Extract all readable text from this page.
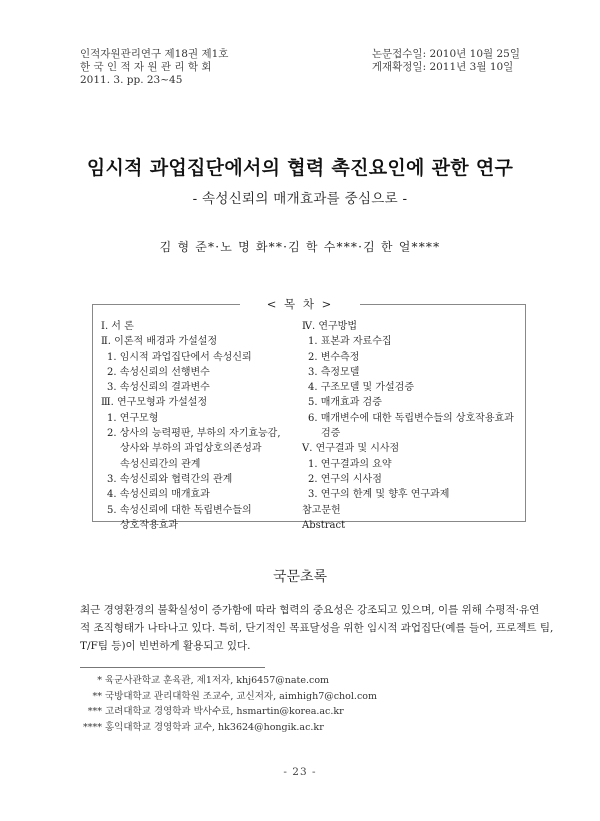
인적자원관리연구 제18권 제1호
한 국 인 적 자 원 관 리 학 회
2011. 3. pp. 23~45
논문접수일: 2010년 10월 25일
게재확정일: 2011년 3월 10일
임시적 과업집단에서의 협력 촉진요인에 관한 연구
- 속성신뢰의 매개효과를 중심으로 -
김 형 준*·노 명 화**·김 학 수***·김 한 얼****
< 목 차 >
Ⅰ. 서 론
Ⅱ. 이론적 배경과 가설설정
1. 임시적 과업집단에서 속성신뢰
2. 속성신뢰의 선행변수
3. 속성신뢰의 결과변수
Ⅲ. 연구모형과 가설설정
1. 연구모형
2. 상사의 능력평판, 부하의 자기효능감,
상사와 부하의 과업상호의존성과
속성신뢰간의 관계
3. 속성신뢰와 협력간의 관계
4. 속성신뢰의 매개효과
5. 속성신뢰에 대한 독립변수들의
상호작용효과
Ⅳ. 연구방법
1. 표본과 자료수집
2. 변수측정
3. 측정모델
4. 구조모델 및 가설검증
5. 매개효과 검증
6. 매개변수에 대한 독립변수들의 상호작용효과
검증
Ⅴ. 연구결과 및 시사점
1. 연구결과의 요약
2. 연구의 시사점
3. 연구의 한계 및 향후 연구과제
참고문헌
Abstract
국문초록
최근 경영환경의 불확실성이 증가함에 따라 협력의 중요성은 강조되고 있으며, 이를 위해 수평적·유연
적 조직형태가 나타나고 있다. 특히, 단기적인 목표달성을 위한 임시적 과업집단(예를 들어, 프로젝트 팀,
T/F팀 등)이 빈번하게 활용되고 있다.
* 육군사관학교 훈육관, 제1저자, khj6457@nate.com
** 국방대학교 관리대학원 조교수, 교신저자, aimhigh7@chol.com
*** 고려대학교 경영학과 박사수료, hsmartin@korea.ac.kr
**** 홍익대학교 경영학과 교수, hk3624@hongik.ac.kr
- 23 -
